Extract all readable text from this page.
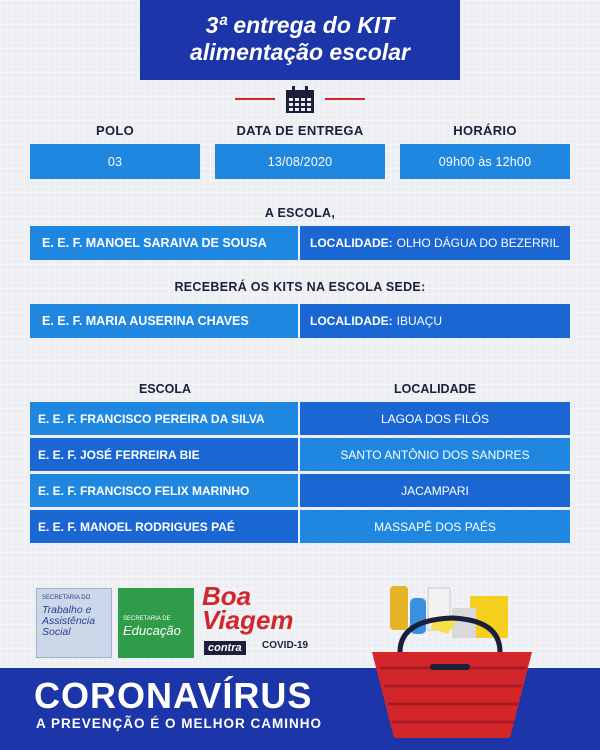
3ª entrega do KIT
alimentação escolar
POLO	DATA DE ENTREGA	HORÁRIO
03	13/08/2020	09h00 às 12h00
A ESCOLA,
E. E. F. MANOEL SARAIVA DE SOUSA	LOCALIDADE: OLHO DÁGUA DO BEZERRIL
RECEBERÁ OS KITS NA ESCOLA SEDE:
E. E. F. MARIA AUSERINA CHAVES	LOCALIDADE: IBUAÇU
ESCOLA	LOCALIDADE
E. E. F. FRANCISCO PEREIRA DA SILVA	LAGOA DOS FILÓS
E. E. F. JOSÉ FERREIRA BIE	SANTO ANTÔNIO DOS SANDRES
E. E. F. FRANCISCO FELIX MARINHO	JACAMPARI
E. E. F. MANOEL RODRIGUES PAÉ	MASSAPÊ DOS PAÉS
SECRETARIA DO
Trabalho e Assistência Social
SECRETARIA DE
Educação
Boa
Viagem
contra	COVID-19
CORONAVÍRUS
A PREVENÇÃO É O MELHOR CAMINHO
